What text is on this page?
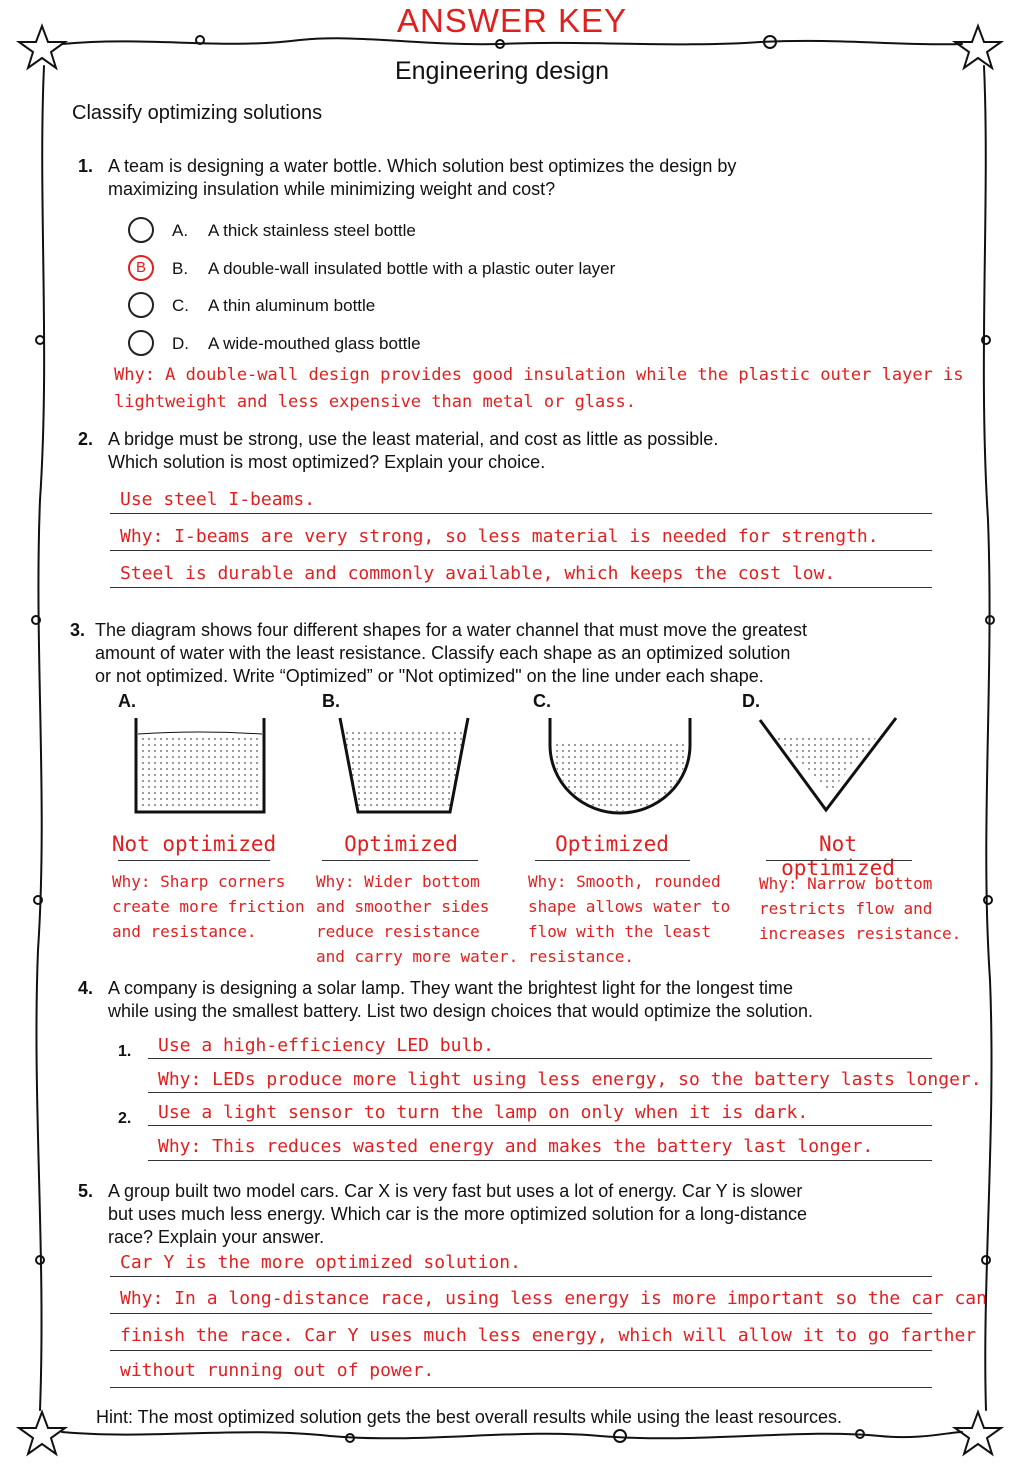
ANSWER KEY
Engineering design
Classify optimizing solutions
1. A team is designing a water bottle. Which solution best optimizes the design by
maximizing insulation while minimizing weight and cost?
A. A thick stainless steel bottle
B	B. A double-wall insulated bottle with a plastic outer layer
C. A thin aluminum bottle
D. A wide-mouthed glass bottle
Why: A double-wall design provides good insulation while the plastic outer layer is
lightweight and less expensive than metal or glass.
2. A bridge must be strong, use the least material, and cost as little as possible.
Which solution is most optimized? Explain your choice.
Use steel I-beams.
Why: I-beams are very strong, so less material is needed for strength.
Steel is durable and commonly available, which keeps the cost low.
3. The diagram shows four different shapes for a water channel that must move the greatest
amount of water with the least resistance. Classify each shape as an optimized solution
or not optimized. Write “Optimized” or "Not optimized" on the line under each shape.
A.	B.	C.	D.
Not optimized	Optimized	Optimized	Not optimized
Why: Sharp corners
create more friction
and resistance.
Why: Wider bottom
and smoother sides
reduce resistance
and carry more water.
Why: Smooth, rounded
shape allows water to
flow with the least
resistance.
Why: Narrow bottom
restricts flow and
increases resistance.
4. A company is designing a solar lamp. They want the brightest light for the longest time
while using the smallest battery. List two design choices that would optimize the solution.
1. Use a high-efficiency LED bulb.
Why: LEDs produce more light using less energy, so the battery lasts longer.
2. Use a light sensor to turn the lamp on only when it is dark.
Why: This reduces wasted energy and makes the battery last longer.
5. A group built two model cars. Car X is very fast but uses a lot of energy. Car Y is slower
but uses much less energy. Which car is the more optimized solution for a long-distance
race? Explain your answer.
Car Y is the more optimized solution.
Why: In a long-distance race, using less energy is more important so the car can
finish the race. Car Y uses much less energy, which will allow it to go farther
without running out of power.
Hint: The most optimized solution gets the best overall results while using the least resources.
